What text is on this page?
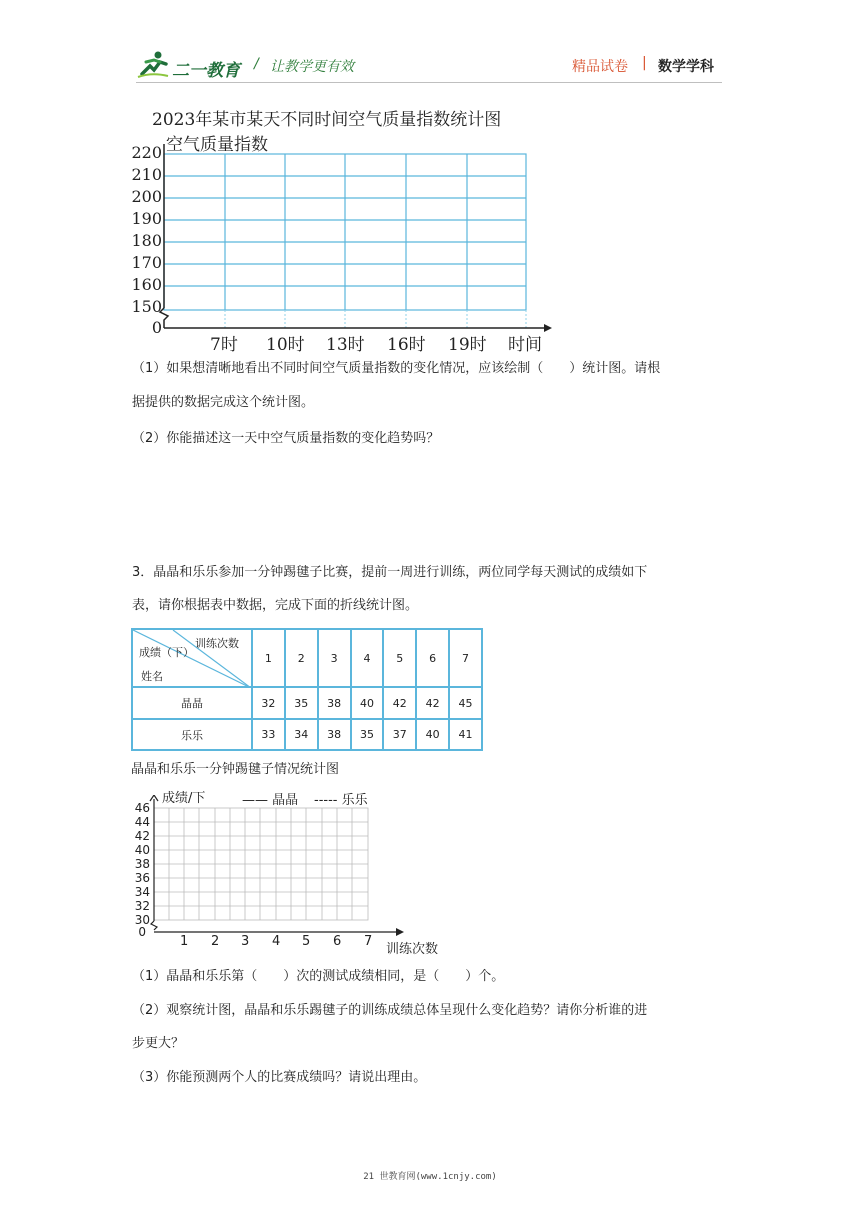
二一教育 / 让教学更有效	精品试卷 | 数学学科
2023年某市某天不同时间空气质量指数统计图
空气质量指数
220
210
200
190
180
170
160
150
0
7时 10时 13时 16时 19时 时间
（1）如果想清晰地看出不同时间空气质量指数的变化情况，应该绘制（　　）统计图。请根
据提供的数据完成这个统计图。
（2）你能描述这一天中空气质量指数的变化趋势吗？
3．晶晶和乐乐参加一分钟踢毽子比赛，提前一周进行训练，两位同学每天测试的成绩如下
表，请你根据表中数据，完成下面的折线统计图。
训练次数
成绩（下）
姓名	1	2	3	4	5	6	7
晶晶	32	35	38	40	42	42	45
乐乐	33	34	38	35	37	40	41
晶晶和乐乐一分钟踢毽子情况统计图
成绩/下	—— 晶晶 ----- 乐乐
46
44
42
40
38
36
34
32
30
0
1 2 3 4 5 6 7
训练次数
（1）晶晶和乐乐第（　　）次的测试成绩相同，是（　　）个。
（2）观察统计图，晶晶和乐乐踢毽子的训练成绩总体呈现什么变化趋势？请你分析谁的进
步更大？
（3）你能预测两个人的比赛成绩吗？请说出理由。
21 世教育网(www.1cnjy.com)
